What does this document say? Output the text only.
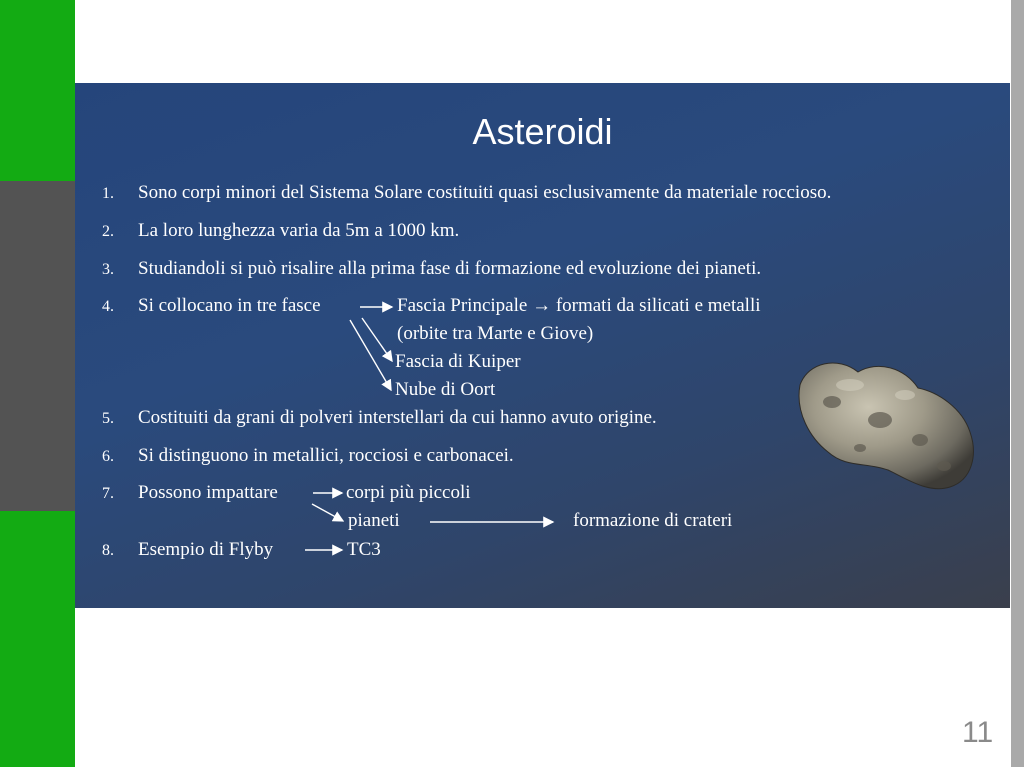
Asteroidi
1. Sono corpi minori del Sistema Solare costituiti quasi esclusivamente da materiale roccioso.
2. La loro lunghezza varia da 5m a 1000 km.
3. Studiandoli si può risalire alla prima fase di formazione ed evoluzione dei pianeti.
4. Si collocano in tre fasce	Fascia Principale → formati da silicati e metalli
(orbite tra Marte e Giove)
Fascia di Kuiper
Nube di Oort
5. Costituiti da grani di polveri interstellari da cui hanno avuto origine.
6. Si distinguono in metallici, rocciosi e carbonacei.
7. Possono impattare	corpi più piccoli
pianeti	formazione di crateri
8. Esempio di Flyby	TC3
11
